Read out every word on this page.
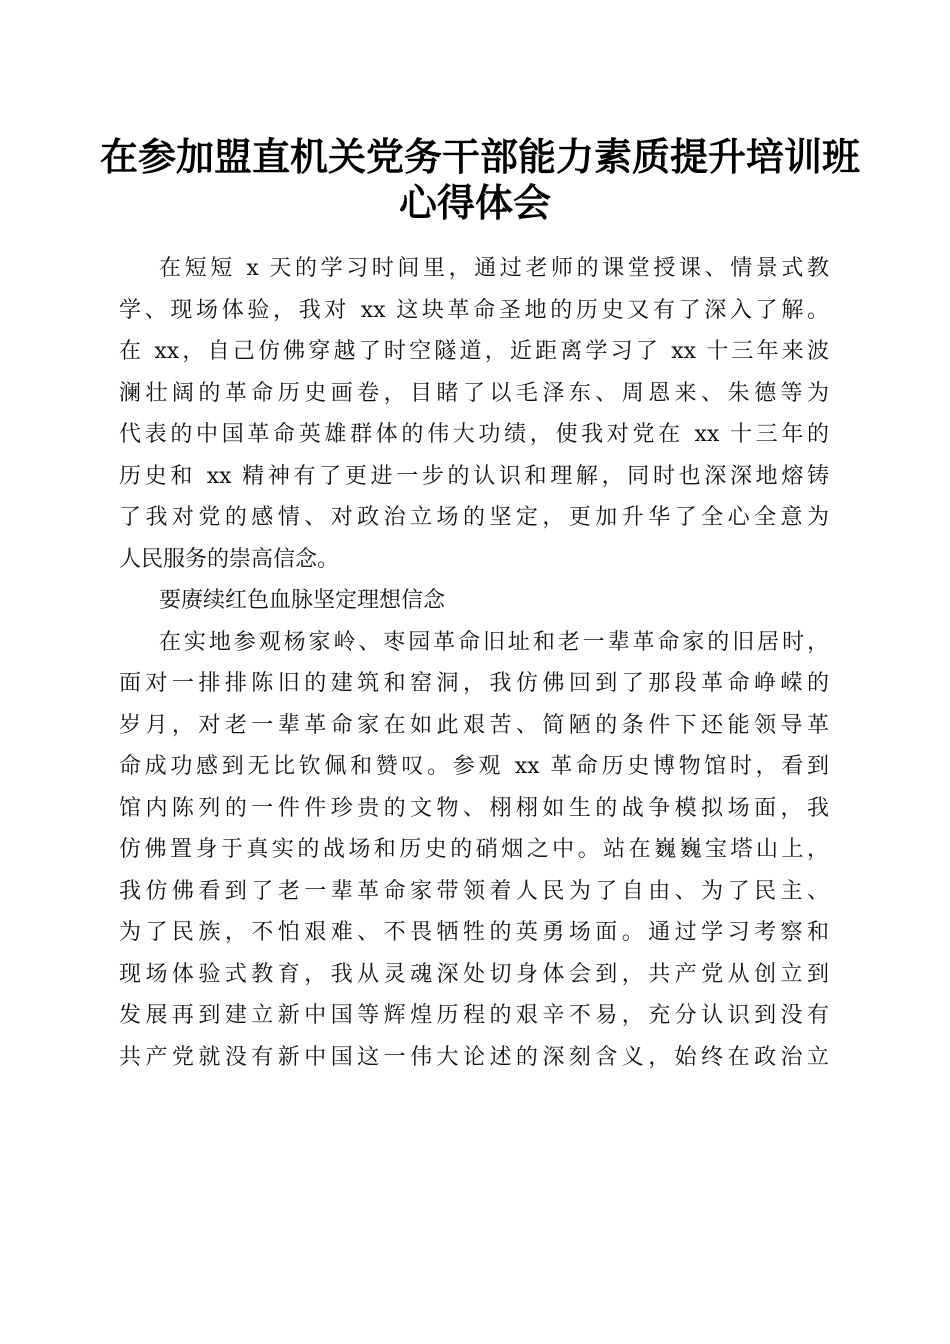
在参加盟直机关党务干部能力素质提升培训班
心得体会
在短短 x 天的学习时间里，通过老师的课堂授课、情景式教
学、现场体验，我对 xx 这块革命圣地的历史又有了深入了解。
在 xx，自己仿佛穿越了时空隧道，近距离学习了 xx 十三年来波
澜壮阔的革命历史画卷，目睹了以毛泽东、周恩来、朱德等为
代表的中国革命英雄群体的伟大功绩，使我对党在 xx 十三年的
历史和 xx 精神有了更进一步的认识和理解，同时也深深地熔铸
了我对党的感情、对政治立场的坚定，更加升华了全心全意为
人民服务的崇高信念。
要赓续红色血脉坚定理想信念
在实地参观杨家岭、枣园革命旧址和老一辈革命家的旧居时，
面对一排排陈旧的建筑和窑洞，我仿佛回到了那段革命峥嵘的
岁月，对老一辈革命家在如此艰苦、简陋的条件下还能领导革
命成功感到无比钦佩和赞叹。参观 xx 革命历史博物馆时，看到
馆内陈列的一件件珍贵的文物、栩栩如生的战争模拟场面，我
仿佛置身于真实的战场和历史的硝烟之中。站在巍巍宝塔山上，
我仿佛看到了老一辈革命家带领着人民为了自由、为了民主、
为了民族，不怕艰难、不畏牺牲的英勇场面。通过学习考察和
现场体验式教育，我从灵魂深处切身体会到，共产党从创立到
发展再到建立新中国等辉煌历程的艰辛不易，充分认识到没有
共产党就没有新中国这一伟大论述的深刻含义，始终在政治立
